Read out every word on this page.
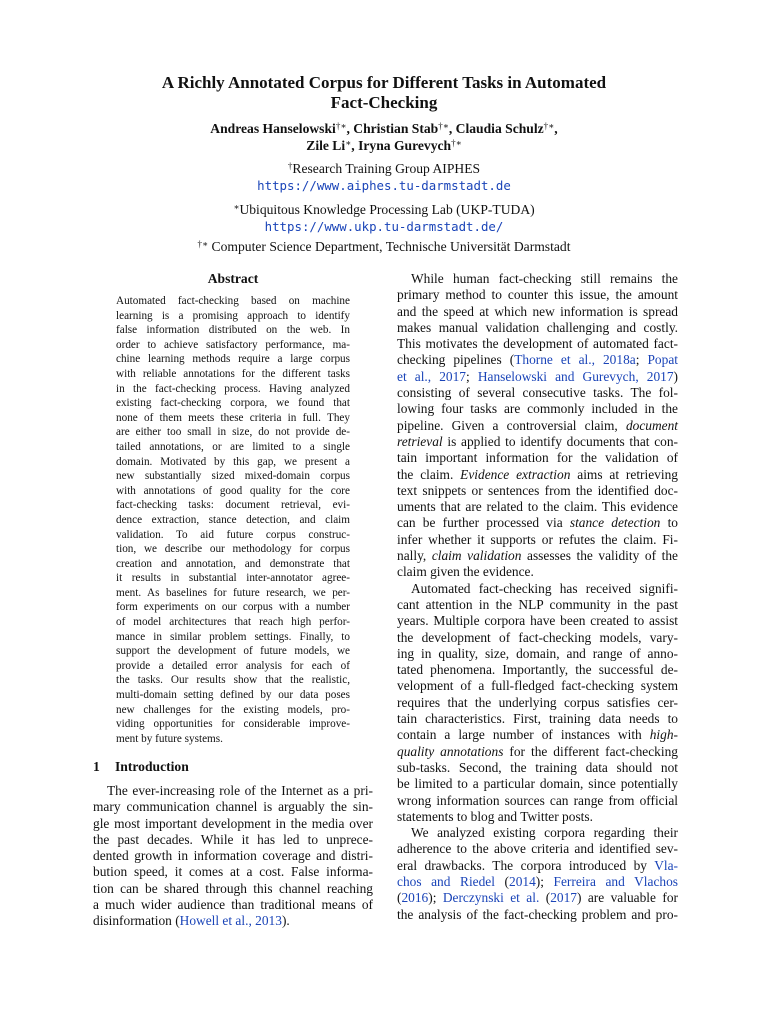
A Richly Annotated Corpus for Different Tasks in Automated
Fact-Checking
Andreas Hanselowski†∗, Christian Stab†∗, Claudia Schulz†∗,
Zile Li∗, Iryna Gurevych†∗
†Research Training Group AIPHES
https://www.aiphes.tu-darmstadt.de
∗Ubiquitous Knowledge Processing Lab (UKP-TUDA)
https://www.ukp.tu-darmstadt.de/
†∗ Computer Science Department, Technische Universität Darmstadt
Abstract
Automated fact-checking based on machine
learning is a promising approach to identify
false information distributed on the web. In
order to achieve satisfactory performance, ma-
chine learning methods require a large corpus
with reliable annotations for the different tasks
in the fact-checking process. Having analyzed
existing fact-checking corpora, we found that
none of them meets these criteria in full. They
are either too small in size, do not provide de-
tailed annotations, or are limited to a single
domain. Motivated by this gap, we present a
new substantially sized mixed-domain corpus
with annotations of good quality for the core
fact-checking tasks: document retrieval, evi-
dence extraction, stance detection, and claim
validation. To aid future corpus construc-
tion, we describe our methodology for corpus
creation and annotation, and demonstrate that
it results in substantial inter-annotator agree-
ment. As baselines for future research, we per-
form experiments on our corpus with a number
of model architectures that reach high perfor-
mance in similar problem settings. Finally, to
support the development of future models, we
provide a detailed error analysis for each of
the tasks. Our results show that the realistic,
multi-domain setting defined by our data poses
new challenges for the existing models, pro-
viding opportunities for considerable improve-
ment by future systems.
1 Introduction
The ever-increasing role of the Internet as a pri-
mary communication channel is arguably the sin-
gle most important development in the media over
the past decades. While it has led to unprece-
dented growth in information coverage and distri-
bution speed, it comes at a cost. False informa-
tion can be shared through this channel reaching
a much wider audience than traditional means of
disinformation (Howell et al., 2013).
While human fact-checking still remains the
primary method to counter this issue, the amount
and the speed at which new information is spread
makes manual validation challenging and costly.
This motivates the development of automated fact-
checking pipelines (Thorne et al., 2018a; Popat
et al., 2017; Hanselowski and Gurevych, 2017)
consisting of several consecutive tasks. The fol-
lowing four tasks are commonly included in the
pipeline. Given a controversial claim, document
retrieval is applied to identify documents that con-
tain important information for the validation of
the claim. Evidence extraction aims at retrieving
text snippets or sentences from the identified doc-
uments that are related to the claim. This evidence
can be further processed via stance detection to
infer whether it supports or refutes the claim. Fi-
nally, claim validation assesses the validity of the
claim given the evidence.
Automated fact-checking has received signifi-
cant attention in the NLP community in the past
years. Multiple corpora have been created to assist
the development of fact-checking models, vary-
ing in quality, size, domain, and range of anno-
tated phenomena. Importantly, the successful de-
velopment of a full-fledged fact-checking system
requires that the underlying corpus satisfies cer-
tain characteristics. First, training data needs to
contain a large number of instances with high-
quality annotations for the different fact-checking
sub-tasks. Second, the training data should not
be limited to a particular domain, since potentially
wrong information sources can range from official
statements to blog and Twitter posts.
We analyzed existing corpora regarding their
adherence to the above criteria and identified sev-
eral drawbacks. The corpora introduced by Vla-
chos and Riedel (2014); Ferreira and Vlachos
(2016); Derczynski et al. (2017) are valuable for
the analysis of the fact-checking problem and pro-
